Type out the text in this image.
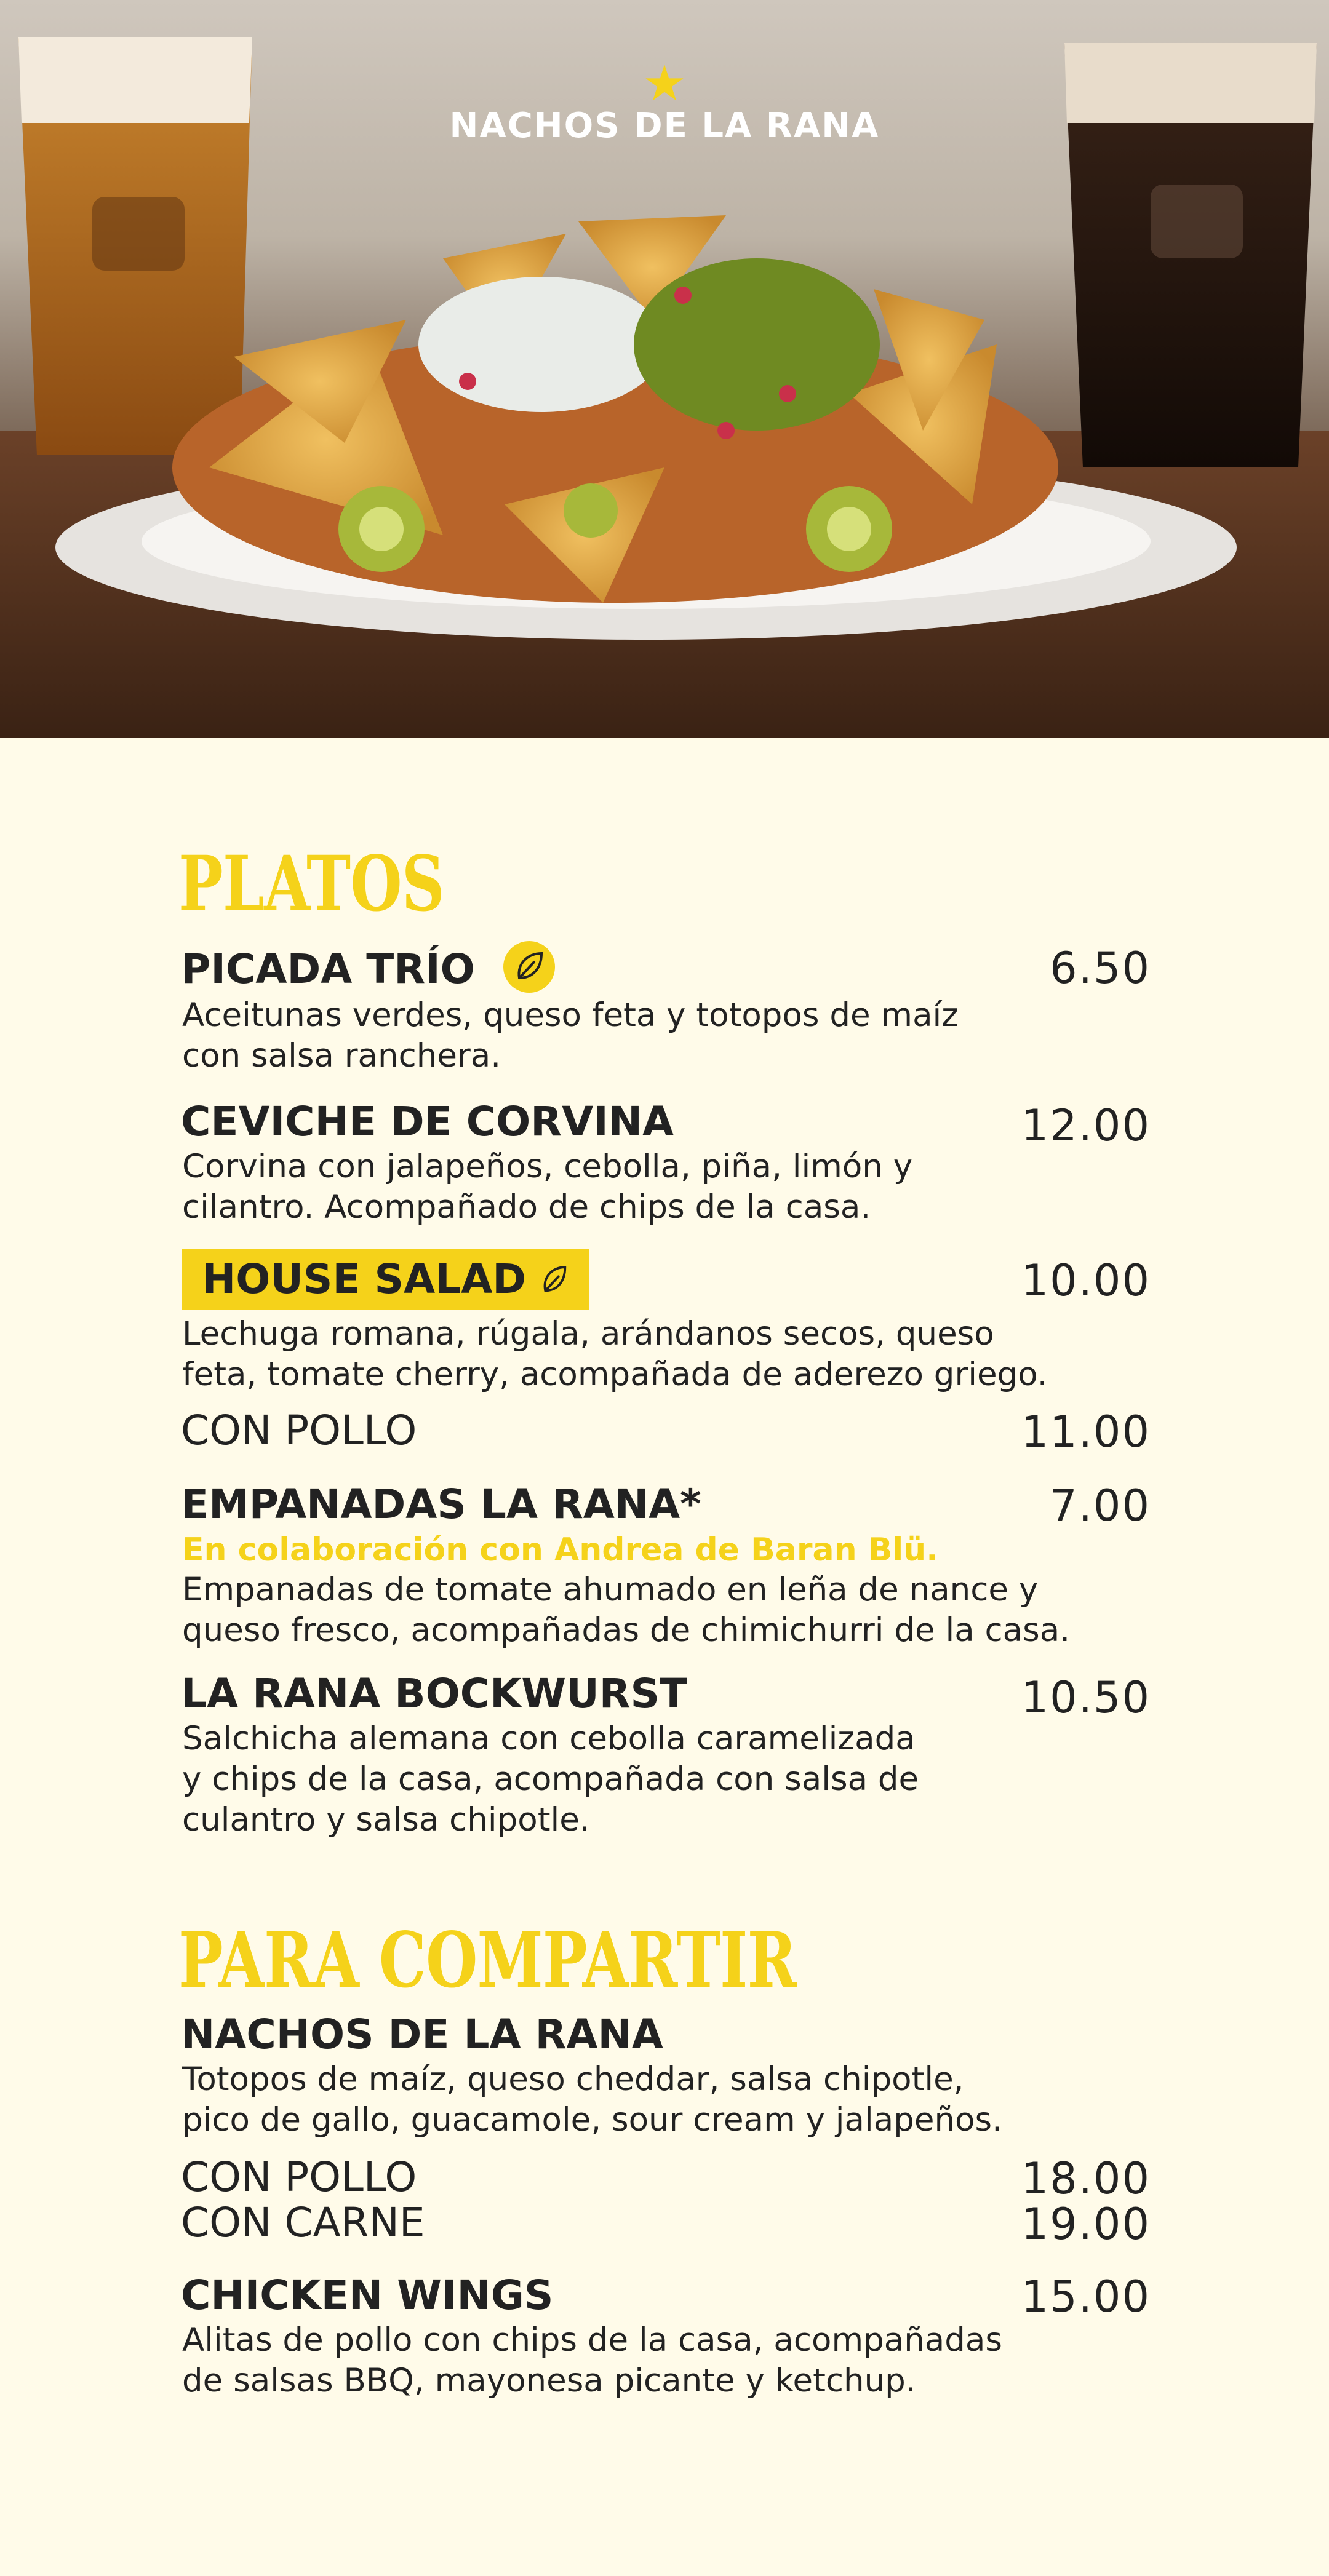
★
NACHOS DE LA RANA
PLATOS
PICADA TRÍO	6.50
Aceitunas verdes, queso feta y totopos de maíz
con salsa ranchera.
CEVICHE DE CORVINA	12.00
Corvina con jalapeños, cebolla, piña, limón y
cilantro. Acompañado de chips de la casa.
HOUSE SALAD	10.00
Lechuga romana, rúgala, arándanos secos, queso
feta, tomate cherry, acompañada de aderezo griego.
CON POLLO	11.00
EMPANADAS LA RANA*	7.00
En colaboración con Andrea de Baran Blü.
Empanadas de tomate ahumado en leña de nance y
queso fresco, acompañadas de chimichurri de la casa.
LA RANA BOCKWURST	10.50
Salchicha alemana con cebolla caramelizada
y chips de la casa, acompañada con salsa de
culantro y salsa chipotle.
PARA COMPARTIR
NACHOS DE LA RANA
Totopos de maíz, queso cheddar, salsa chipotle,
pico de gallo, guacamole, sour cream y jalapeños.
CON POLLO	18.00
CON CARNE	19.00
CHICKEN WINGS	15.00
Alitas de pollo con chips de la casa, acompañadas
de salsas BBQ, mayonesa picante y ketchup.
